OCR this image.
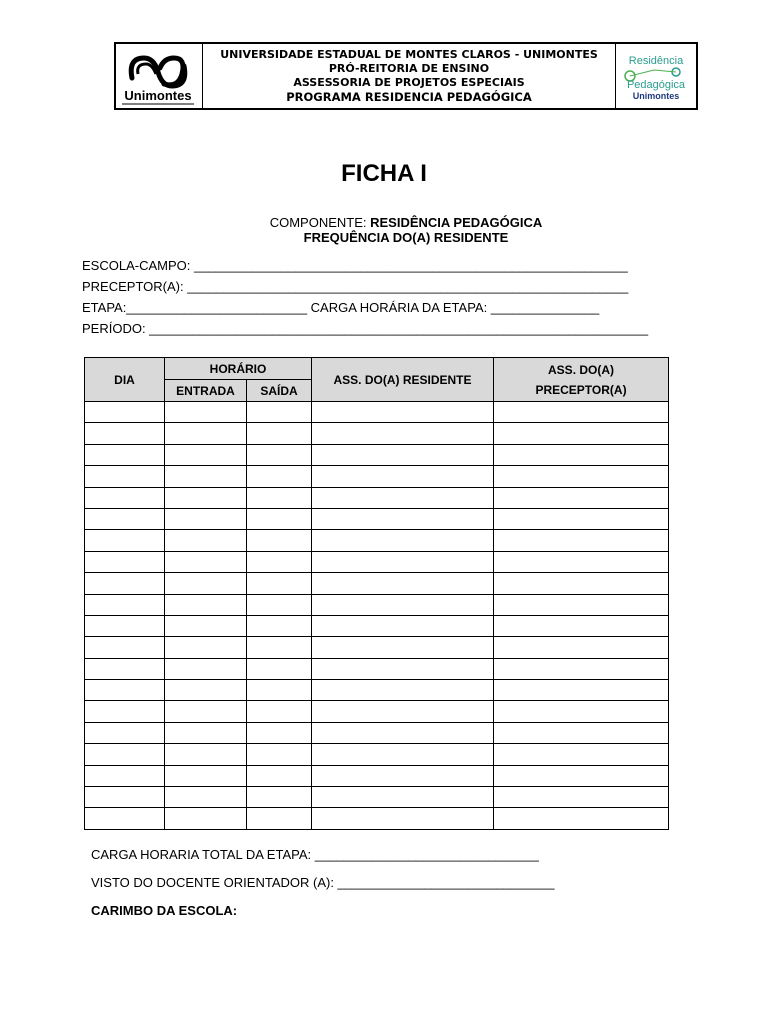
Unimontes
UNIVERSIDADE ESTADUAL DE MONTES CLAROS - UNIMONTES
PRÓ-REITORIA DE ENSINO
ASSESSORIA DE PROJETOS ESPECIAIS
PROGRAMA RESIDENCIA PEDAGÓGICA
Residência
Pedagógica
Unimontes
FICHA I
COMPONENTE: RESIDÊNCIA PEDAGÓGICA
FREQUÊNCIA DO(A) RESIDENTE
ESCOLA-CAMPO: ____________________________________________________________
PRECEPTOR(A): _____________________________________________________________
ETAPA:_________________________ CARGA HORÁRIA DA ETAPA: _______________
PERÍODO: _____________________________________________________________________
DIA	HORÁRIO		ASS. DO(A) RESIDENTE	ASS. DO(A)
PRECEPTOR(A)

	ENTRADA	SAÍDA		

CARGA HORARIA TOTAL DA ETAPA: _______________________________
VISTO DO DOCENTE ORIENTADOR (A): ______________________________
CARIMBO DA ESCOLA:
